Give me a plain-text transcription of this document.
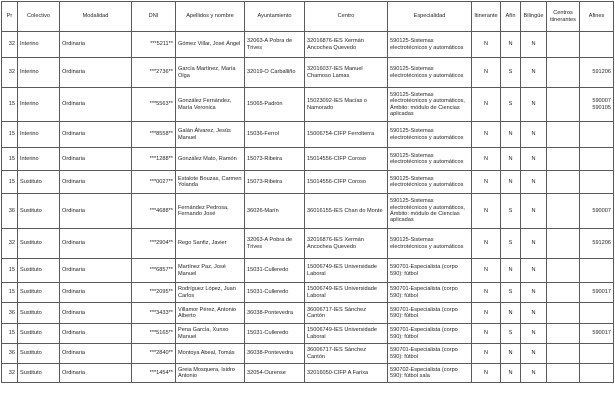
Pr	Colectivo	Modalidad	DNI	Apellidos y nombre	Ayuntamiento	Centro	Especialidad	Itinerante	Afín	Bilingüe	Centros itinerantes	Afines
32	Interino	Ordinaria	***5211**	Gómez Villar, José Ángel	32063-A Pobra de Trives	32016876-IES Xermán Ancochea Quevedo	590125-Sistemas electrotécnicos y automáticos	N	N	N		
32	Interino	Ordinaria	***2736**	García Martínez, María Olga	32019-O Carballiño	32016037-IES Manuel Chamoso Lamas	590125-Sistemas electrotécnicos y automáticos	N	S	N		591206
15	Interino	Ordinaria	***5563**	González Fernández, María Veronica	15065-Padrón	15023092-IES Macías o Namorado	590125-Sistemas electrotécnicos y automáticos, Ámbito: módulo de Ciencias aplicadas	N	S	N		590007 590105
15	Interino	Ordinaria	***8558**	Galán Álvarez, Jesús Manuel	15036-Ferrol	15006754-CIFP Ferrolterra	590125-Sistemas electrotécnicos y automáticos	N	N	N		
15	Interino	Ordinaria	***1288**	González Mato, Ramón	15073-Ribeira	15014556-CIFP Coroso	590125-Sistemas electrotécnicos y automáticos	N	N	N		
15	Sustituto	Ordinaria	***0027**	Estalote Bouzas, Carmen Yolanda	15073-Ribeira	15014556-CIFP Coroso	590125-Sistemas electrotécnicos y automáticos	N	N	N		
36	Sustituto	Ordinaria	***4688**	Fernández Pedrosa, Fernando José	36026-Marín	36016155-IES Chan do Monte	590125-Sistemas electrotécnicos y automáticos, Ámbito: módulo de Ciencias aplicadas	N	S	N		590007
32	Sustituto	Ordinaria	***2904**	Rego Sanfiz, Javier	32063-A Pobra de Trives	32016876-IES Xermán Ancochea Quevedo	590125-Sistemas electrotécnicos y automáticos	N	S	N		591206
15	Sustituto	Ordinaria	***6857**	Martínez Paz, José Manuel	15031-Culleredo	15006749-IES Universidade Laboral	590701-Especialista (corpo 590): fútbol	N	N	N		
15	Sustituto	Ordinaria	***2095**	Rodríguez López, Juan Carlos	15031-Culleredo	15006749-IES Universidade Laboral	590701-Especialista (corpo 590): fútbol	N	S	N		590017
36	Sustituto	Ordinaria	***3433**	Villamor Pérez, Antonio Alberto	36038-Pontevedra	36006717-IES Sánchez Cantón	590701-Especialista (corpo 590): fútbol	N	N	N		
15	Sustituto	Ordinaria	***5165**	Pena García, Xunxo Manuel	15031-Culleredo	15006749-IES Universidade Laboral	590701-Especialista (corpo 590): fútbol	N	S	N		590017
36	Sustituto	Ordinaria	***2840**	Montoya Abeal, Tomás	36038-Pontevedra	36006717-IES Sánchez Cantón	590701-Especialista (corpo 590): fútbol	N	N	N		
32	Sustituto	Ordinaria	***1454**	Greia Mosquera, Isidro Antonio	32054-Ourense	32016050-CIFP A Farixa	590702-Especialista (corpo 590): fútbol sala	N	N	N		
